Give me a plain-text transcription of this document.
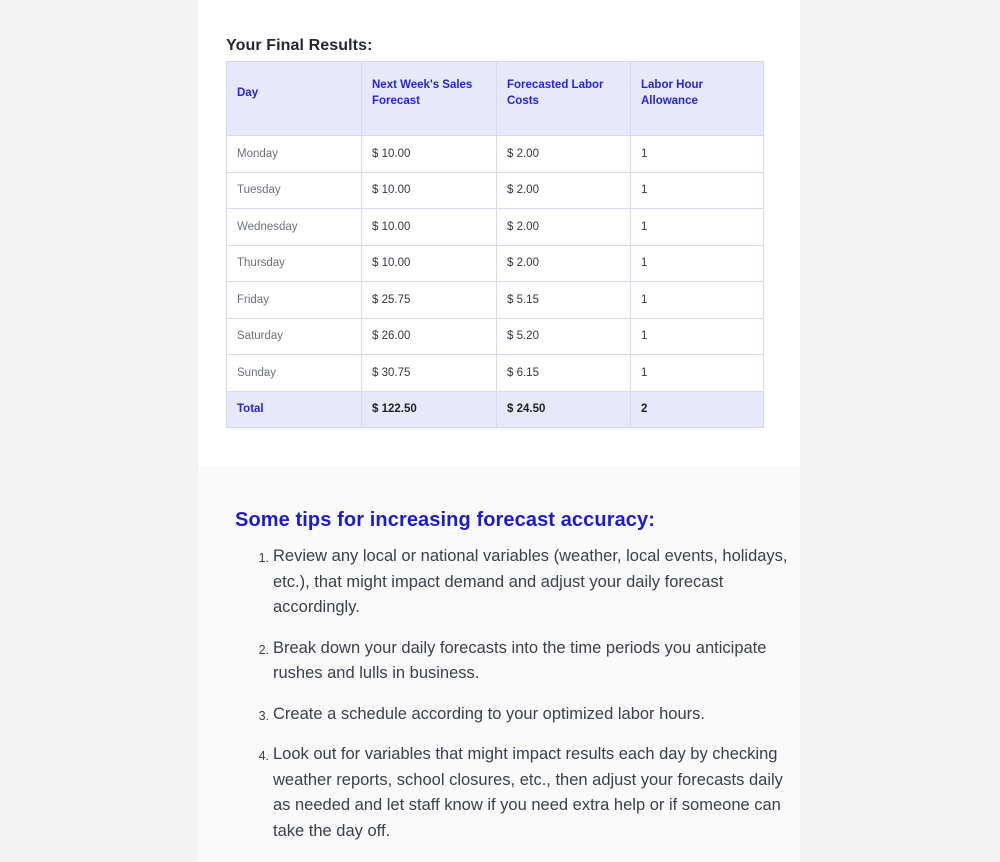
Your Final Results:
Day	Next Week's Sales Forecast	Forecasted Labor Costs	Labor Hour Allowance

Monday	$ 10.00	$ 2.00	1
Tuesday	$ 10.00	$ 2.00	1
Wednesday	$ 10.00	$ 2.00	1
Thursday	$ 10.00	$ 2.00	1
Friday	$ 25.75	$ 5.15	1
Saturday	$ 26.00	$ 5.20	1
Sunday	$ 30.75	$ 6.15	1
Total	$ 122.50	$ 24.50	2
Some tips for increasing forecast accuracy:
Review any local or national variables (weather, local events, holidays, etc.), that might impact demand and adjust your daily forecast accordingly.
Break down your daily forecasts into the time periods you anticipate rushes and lulls in business.
Create a schedule according to your optimized labor hours.
Look out for variables that might impact results each day by checking weather reports, school closures, etc., then adjust your forecasts daily as needed and let staff know if you need extra help or if someone can take the day off.
